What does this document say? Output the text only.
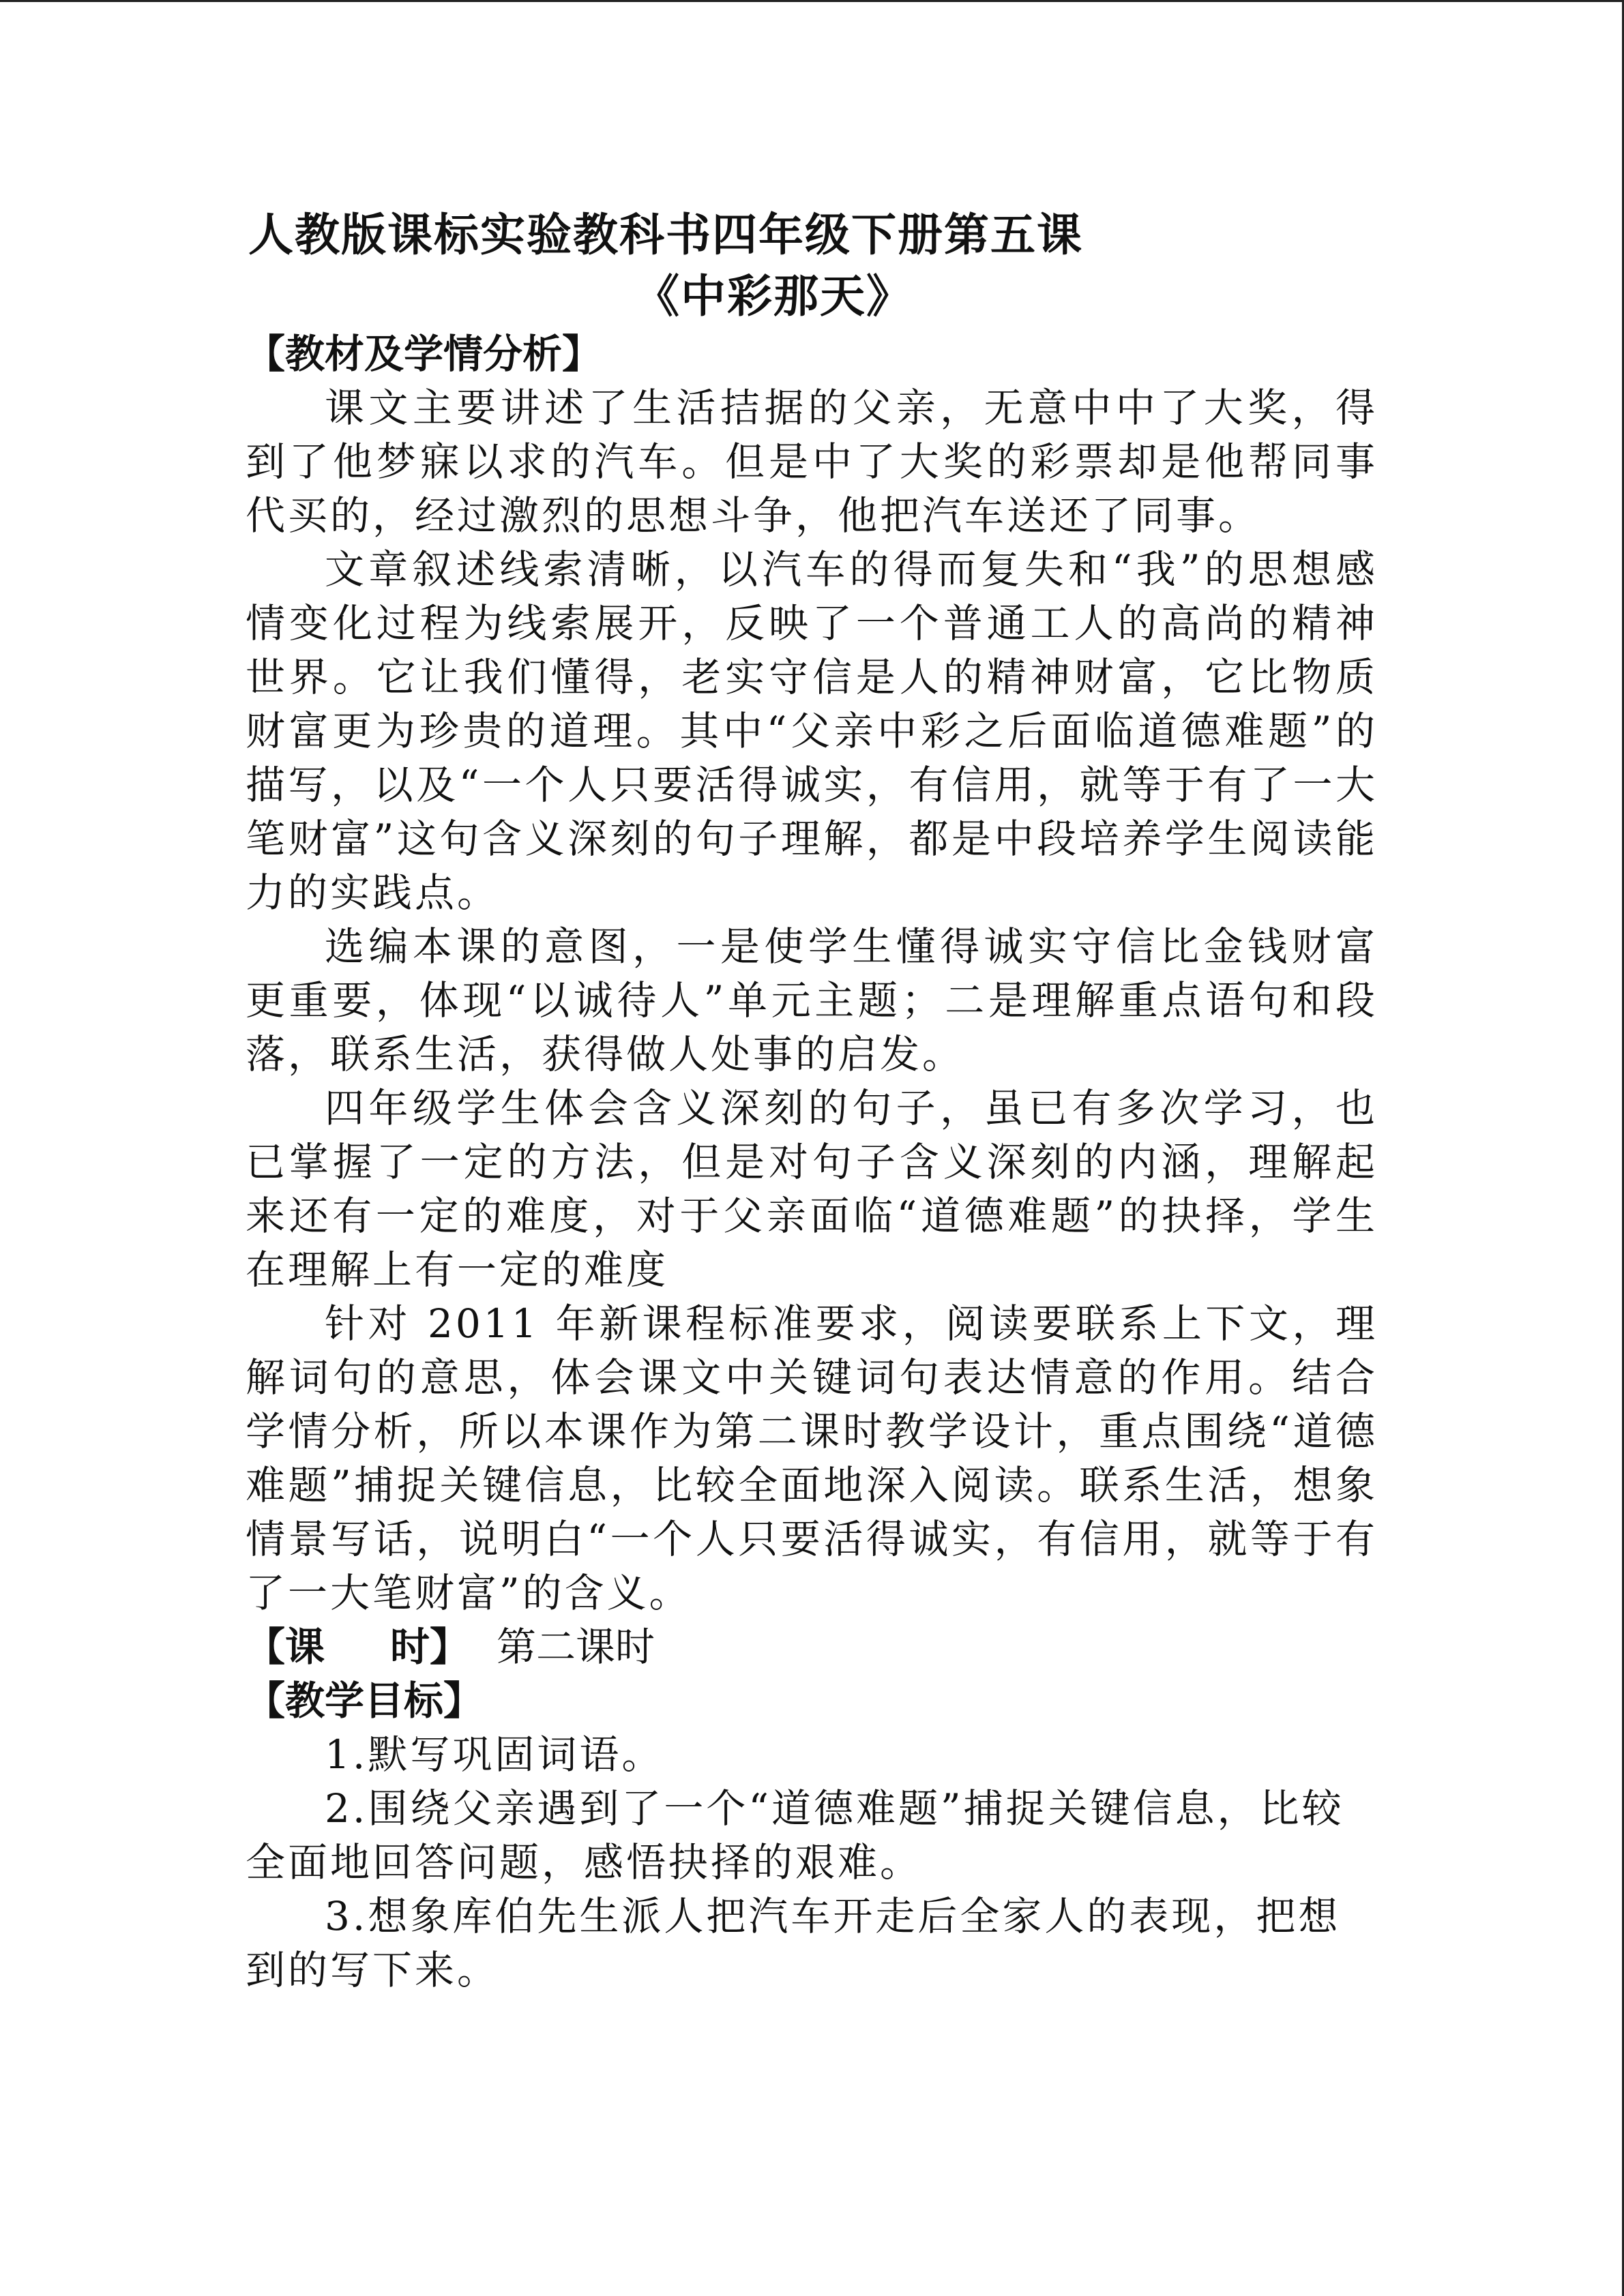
人教版课标实验教科书四年级下册第五课
《中彩那天》
【教材及学情分析】

课文主要讲述了生活拮据的父亲，无意中中了大奖，得到了他梦寐以求的汽车。但是中了大奖的彩票却是他帮同事代买的，经过激烈的思想斗争，他把汽车送还了同事。

文章叙述线索清晰，以汽车的得而复失和“我”的思想感情变化过程为线索展开，反映了一个普通工人的高尚的精神世界。它让我们懂得，老实守信是人的精神财富，它比物质财富更为珍贵的道理。其中“父亲中彩之后面临道德难题”的描写，以及“一个人只要活得诚实，有信用，就等于有了一大笔财富”这句含义深刻的句子理解，都是中段培养学生阅读能力的实践点。

选编本课的意图，一是使学生懂得诚实守信比金钱财富更重要，体现“以诚待人”单元主题；二是理解重点语句和段落，联系生活，获得做人处事的启发。

四年级学生体会含义深刻的句子，虽已有多次学习，也已掌握了一定的方法，但是对句子含义深刻的内涵，理解起来还有一定的难度，对于父亲面临“道德难题”的抉择，学生在理解上有一定的难度

针对 2011 年新课程标准要求，阅读要联系上下文，理解词句的意思，体会课文中关键词句表达情意的作用。结合学情分析，所以本课作为第二课时教学设计，重点围绕“道德难题”捕捉关键信息，比较全面地深入阅读。联系生活，想象情景写话，说明白“一个人只要活得诚实，有信用，就等于有了一大笔财富”的含义。

【课 时】 第二课时
【教学目标】

1.默写巩固词语。

2.围绕父亲遇到了一个“道德难题”捕捉关键信息，比较全面地回答问题，感悟抉择的艰难。

3.想象库伯先生派人把汽车开走后全家人的表现，把想到的写下来。
